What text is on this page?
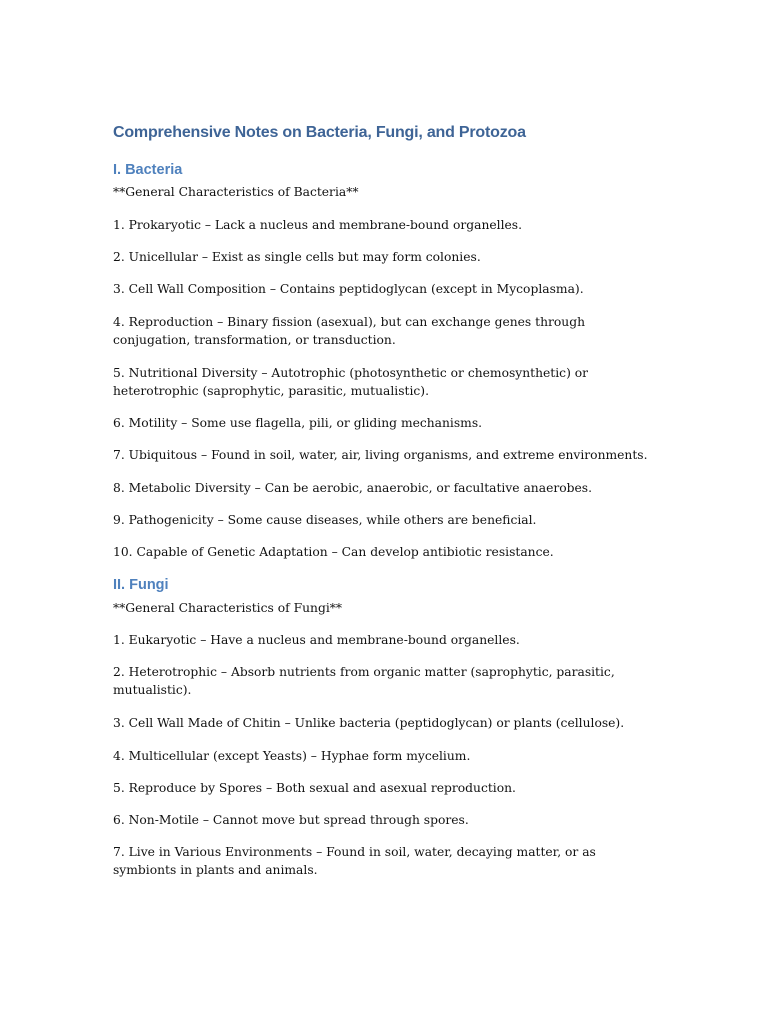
Comprehensive Notes on Bacteria, Fungi, and Protozoa
I. Bacteria
**General Characteristics of Bacteria**
1. Prokaryotic – Lack a nucleus and membrane-bound organelles.
2. Unicellular – Exist as single cells but may form colonies.
3. Cell Wall Composition – Contains peptidoglycan (except in Mycoplasma).
4. Reproduction – Binary fission (asexual), but can exchange genes through conjugation, transformation, or transduction.
5. Nutritional Diversity – Autotrophic (photosynthetic or chemosynthetic) or heterotrophic (saprophytic, parasitic, mutualistic).
6. Motility – Some use flagella, pili, or gliding mechanisms.
7. Ubiquitous – Found in soil, water, air, living organisms, and extreme environments.
8. Metabolic Diversity – Can be aerobic, anaerobic, or facultative anaerobes.
9. Pathogenicity – Some cause diseases, while others are beneficial.
10. Capable of Genetic Adaptation – Can develop antibiotic resistance.
II. Fungi
**General Characteristics of Fungi**
1. Eukaryotic – Have a nucleus and membrane-bound organelles.
2. Heterotrophic – Absorb nutrients from organic matter (saprophytic, parasitic, mutualistic).
3. Cell Wall Made of Chitin – Unlike bacteria (peptidoglycan) or plants (cellulose).
4. Multicellular (except Yeasts) – Hyphae form mycelium.
5. Reproduce by Spores – Both sexual and asexual reproduction.
6. Non-Motile – Cannot move but spread through spores.
7. Live in Various Environments – Found in soil, water, decaying matter, or as symbionts in plants and animals.
